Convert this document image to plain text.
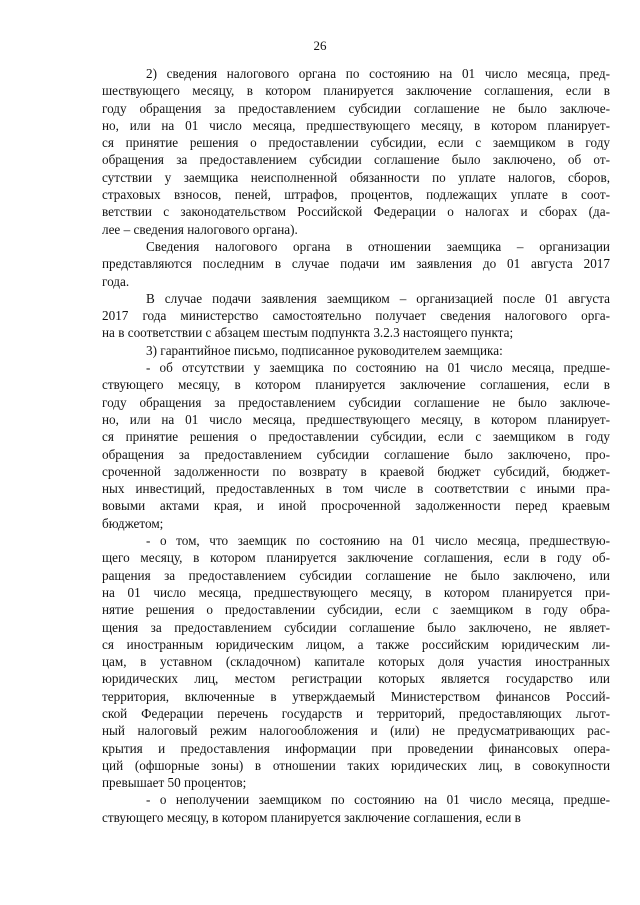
26
2) сведения налогового органа по состоянию на 01 число месяца, пред-
шествующего месяцу, в котором планируется заключение соглашения, если в
году обращения за предоставлением субсидии соглашение не было заключе-
но, или на 01 число месяца, предшествующего месяцу, в котором планирует-
ся принятие решения о предоставлении субсидии, если с заемщиком в году
обращения за предоставлением субсидии соглашение было заключено, об от-
сутствии у заемщика неисполненной обязанности по уплате налогов, сборов,
страховых взносов, пеней, штрафов, процентов, подлежащих уплате в соот-
ветствии с законодательством Российской Федерации о налогах и сборах (да-
лее – сведения налогового органа).
Сведения налогового органа в отношении заемщика – организации
представляются последним в случае подачи им заявления до 01 августа 2017
года.
В случае подачи заявления заемщиком – организацией после 01 августа
2017 года министерство самостоятельно получает сведения налогового орга-
на в соответствии с абзацем шестым подпункта 3.2.3 настоящего пункта;
3) гарантийное письмо, подписанное руководителем заемщика:
- об отсутствии у заемщика по состоянию на 01 число месяца, предше-
ствующего месяцу, в котором планируется заключение соглашения, если в
году обращения за предоставлением субсидии соглашение не было заключе-
но, или на 01 число месяца, предшествующего месяцу, в котором планирует-
ся принятие решения о предоставлении субсидии, если с заемщиком в году
обращения за предоставлением субсидии соглашение было заключено, про-
сроченной задолженности по возврату в краевой бюджет субсидий, бюджет-
ных инвестиций, предоставленных в том числе в соответствии с иными пра-
вовыми актами края, и иной просроченной задолженности перед краевым
бюджетом;
- о том, что заемщик по состоянию на 01 число месяца, предшествую-
щего месяцу, в котором планируется заключение соглашения, если в году об-
ращения за предоставлением субсидии соглашение не было заключено, или
на 01 число месяца, предшествующего месяцу, в котором планируется при-
нятие решения о предоставлении субсидии, если с заемщиком в году обра-
щения за предоставлением субсидии соглашение было заключено, не являет-
ся иностранным юридическим лицом, а также российским юридическим ли-
цам, в уставном (складочном) капитале которых доля участия иностранных
юридических лиц, местом регистрации которых является государство или
территория, включенные в утверждаемый Министерством финансов Россий-
ской Федерации перечень государств и территорий, предоставляющих льгот-
ный налоговый режим налогообложения и (или) не предусматривающих рас-
крытия и предоставления информации при проведении финансовых опера-
ций (офшорные зоны) в отношении таких юридических лиц, в совокупности
превышает 50 процентов;
- о неполучении заемщиком по состоянию на 01 число месяца, предше-
ствующего месяцу, в котором планируется заключение соглашения, если в
